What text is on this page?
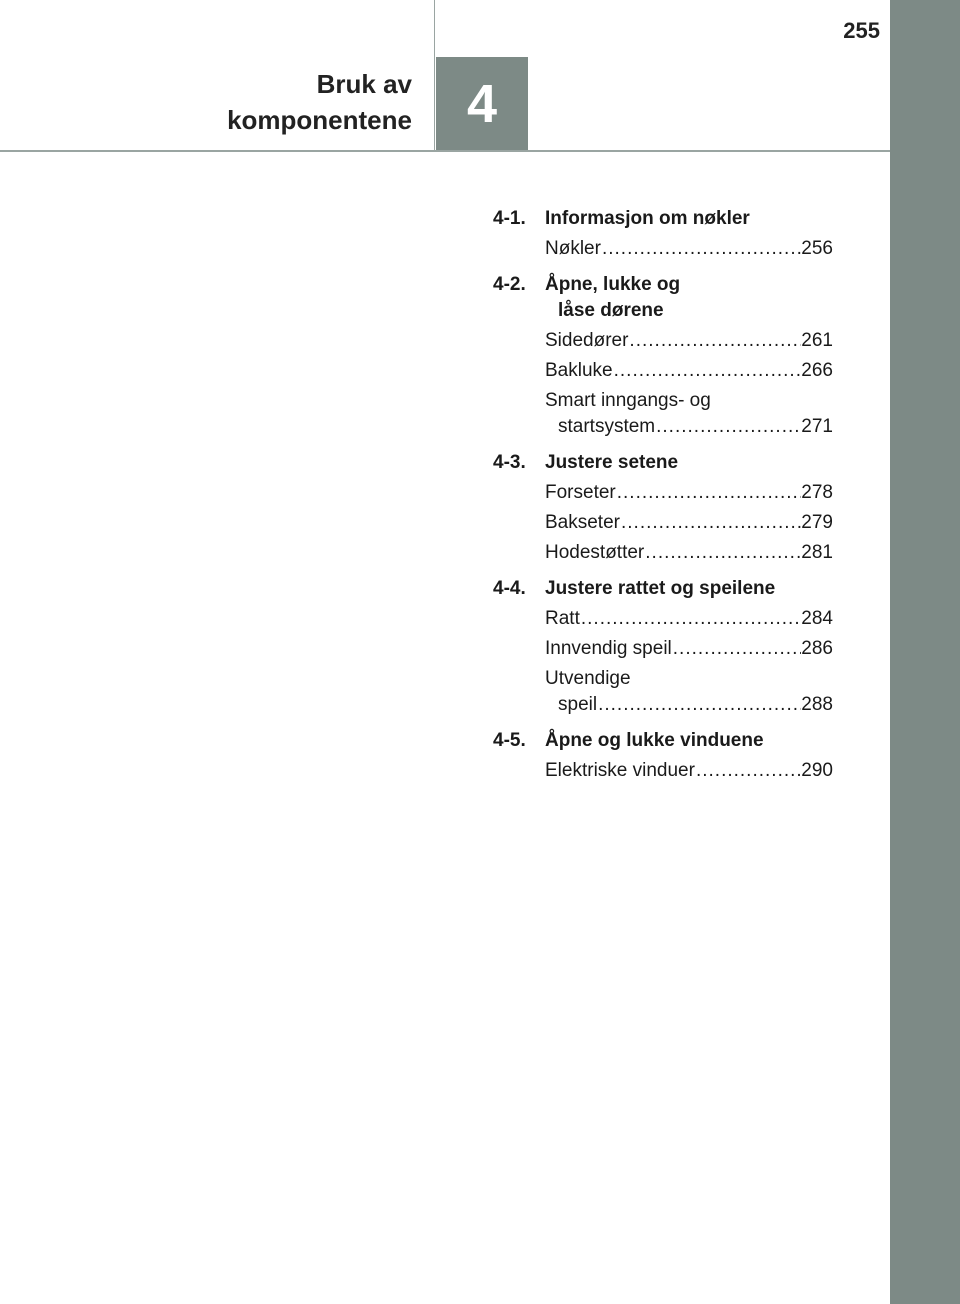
255
Bruk av
komponentene 4
4-1.	Informasjon om nøkler
Nøkler .....	256
4-2.	Åpne, lukke og
låse dørene
Sidedører .....	261
Bakluke .....	266
Smart inngangs- og
startsystem .....	271
4-3.	Justere setene
Forseter .....	278
Bakseter .....	279
Hodestøtter .....	281
4-4.	Justere rattet og speilene
Ratt .....	284
Innvendig speil .....	286
Utvendige
speil .....	288
4-5.	Åpne og lukke vinduene
Elektriske vinduer .....	290
